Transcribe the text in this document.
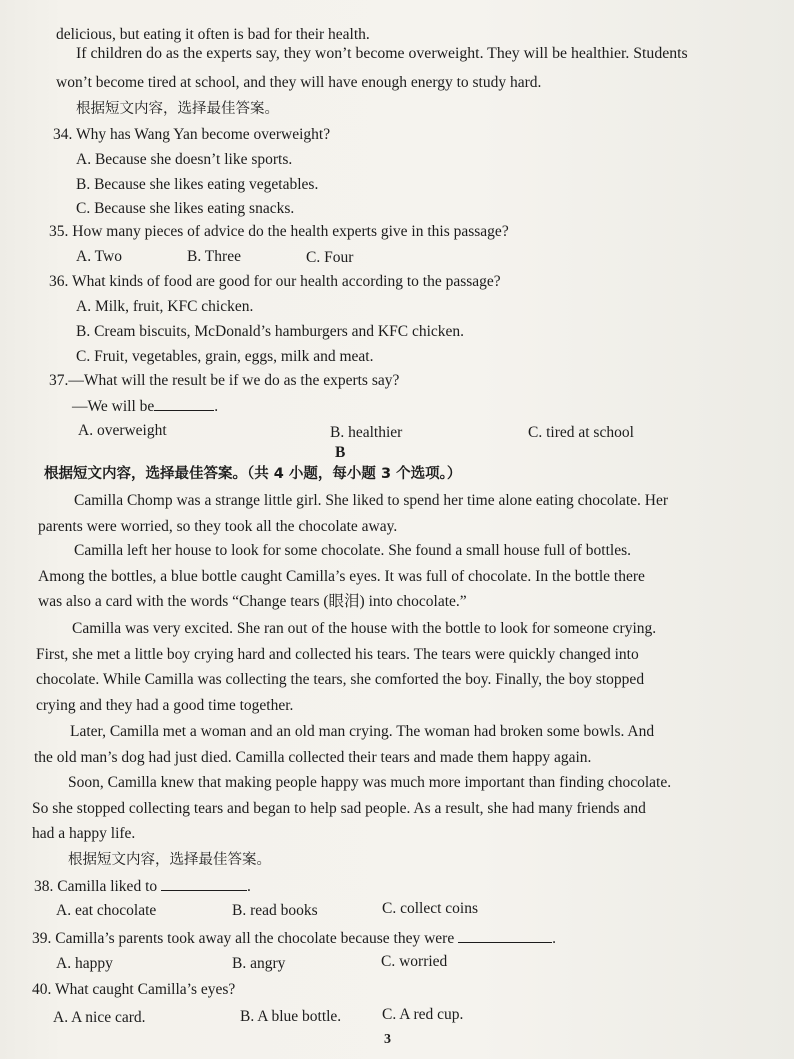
delicious, but eating it often is bad for their health.
If children do as the experts say, they won’t become overweight. They will be healthier. Students
won’t become tired at school, and they will have enough energy to study hard.
根据短文内容，选择最佳答案。
34. Why has Wang Yan become overweight?
A. Because she doesn’t like sports.
B. Because she likes eating vegetables.
C. Because she likes eating snacks.
35. How many pieces of advice do the health experts give in this passage?
A. Two	B. Three	C. Four
36. What kinds of food are good for our health according to the passage?
A. Milk, fruit, KFC chicken.
B. Cream biscuits, McDonald’s hamburgers and KFC chicken.
C. Fruit, vegetables, grain, eggs, milk and meat.
37.—What will the result be if we do as the experts say?
—We will be	.
A. overweight	B. healthier	C. tired at school
B
根据短文内容，选择最佳答案。（共 4 小题，每小题 3 个选项。）
Camilla Chomp was a strange little girl. She liked to spend her time alone eating chocolate. Her
parents were worried, so they took all the chocolate away.
Camilla left her house to look for some chocolate. She found a small house full of bottles.
Among the bottles, a blue bottle caught Camilla’s eyes. It was full of chocolate. In the bottle there
was also a card with the words “Change tears (眼泪) into chocolate.”
Camilla was very excited. She ran out of the house with the bottle to look for someone crying.
First, she met a little boy crying hard and collected his tears. The tears were quickly changed into
chocolate. While Camilla was collecting the tears, she comforted the boy. Finally, the boy stopped
crying and they had a good time together.
Later, Camilla met a woman and an old man crying. The woman had broken some bowls. And
the old man’s dog had just died. Camilla collected their tears and made them happy again.
Soon, Camilla knew that making people happy was much more important than finding chocolate.
So she stopped collecting tears and began to help sad people. As a result, she had many friends and
had a happy life.
根据短文内容，选择最佳答案。
38. Camilla liked to	.
A. eat chocolate	B. read books	C. collect coins
39. Camilla’s parents took away all the chocolate because they were	.
A. happy	B. angry	C. worried
40. What caught Camilla’s eyes?
A. A nice card.	B. A blue bottle.	C. A red cup.
3
